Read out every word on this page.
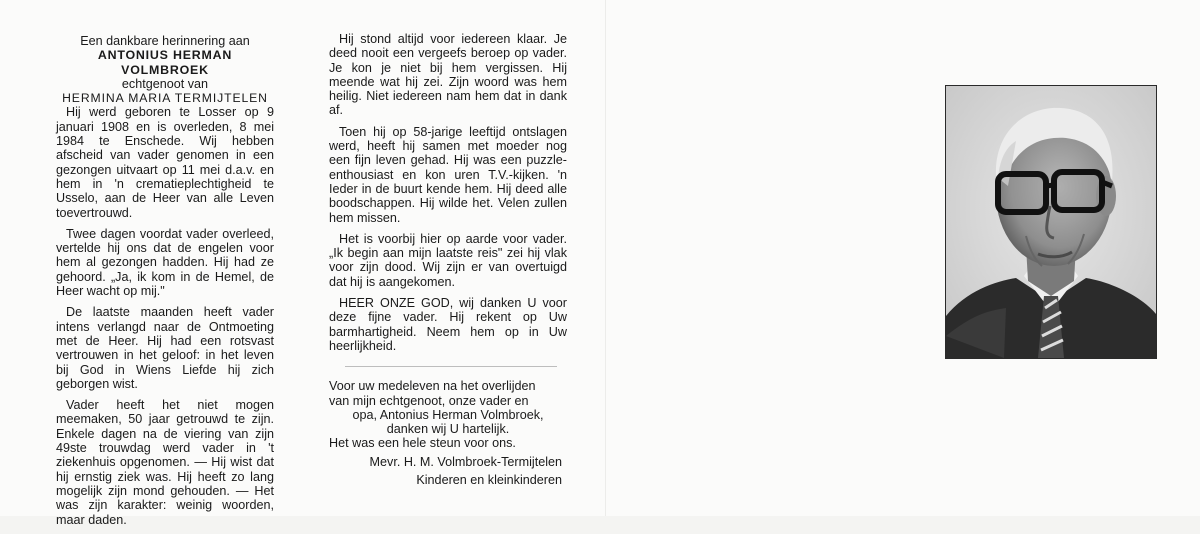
Een dankbare herinnering aan

ANTONIUS HERMAN VOLMBROEK

echtgenoot van

HERMINA MARIA TERMIJTELEN

Hij werd geboren te Losser op 9 januari 1908 en is overleden, 8 mei 1984 te Enschede. Wij hebben afscheid van vader genomen in een gezongen uitvaart op 11 mei d.a.v. en hem in 'n crematieplechtigheid te Usselo, aan de Heer van alle Leven toevertrouwd.

Twee dagen voordat vader overleed, vertelde hij ons dat de engelen voor hem al gezongen hadden. Hij had ze gehoord. „Ja, ik kom in de Hemel, de Heer wacht op mij."

De laatste maanden heeft vader intens verlangd naar de Ontmoeting met de Heer. Hij had een rotsvast vertrouwen in het geloof: in het leven bij God in Wiens Liefde hij zich geborgen wist.

Vader heeft het niet mogen meemaken, 50 jaar getrouwd te zijn. Enkele dagen na de viering van zijn 49ste trouwdag werd vader in 't ziekenhuis opgenomen. — Hij wist dat hij ernstig ziek was. Hij heeft zo lang mogelijk zijn mond gehouden. — Het was zijn karakter: weinig woorden, maar daden.

Hij stond altijd voor iedereen klaar. Je deed nooit een vergeefs beroep op vader. Je kon je niet bij hem vergissen. Hij meende wat hij zei. Zijn woord was hem heilig. Niet iedereen nam hem dat in dank af.

Toen hij op 58-jarige leeftijd ontslagen werd, heeft hij samen met moeder nog een fijn leven gehad. Hij was een puzzle-enthousiast en kon uren T.V.-kijken. 'n Ieder in de buurt kende hem. Hij deed alle boodschappen. Hij wilde het. Velen zullen hem missen.

Het is voorbij hier op aarde voor vader. „Ik begin aan mijn laatste reis" zei hij vlak voor zijn dood. Wij zijn er van overtuigd dat hij is aangekomen.

HEER ONZE GOD, wij danken U voor deze fijne vader. Hij rekent op Uw barmhartigheid. Neem hem op in Uw heerlijkheid.

Voor uw medeleven na het overlijden

van mijn echtgenoot, onze vader en

opa, Antonius Herman Volmbroek,

danken wij U hartelijk.

Het was een hele steun voor ons.

Mevr. H. M. Volmbroek-Termijtelen

Kinderen en kleinkinderen
